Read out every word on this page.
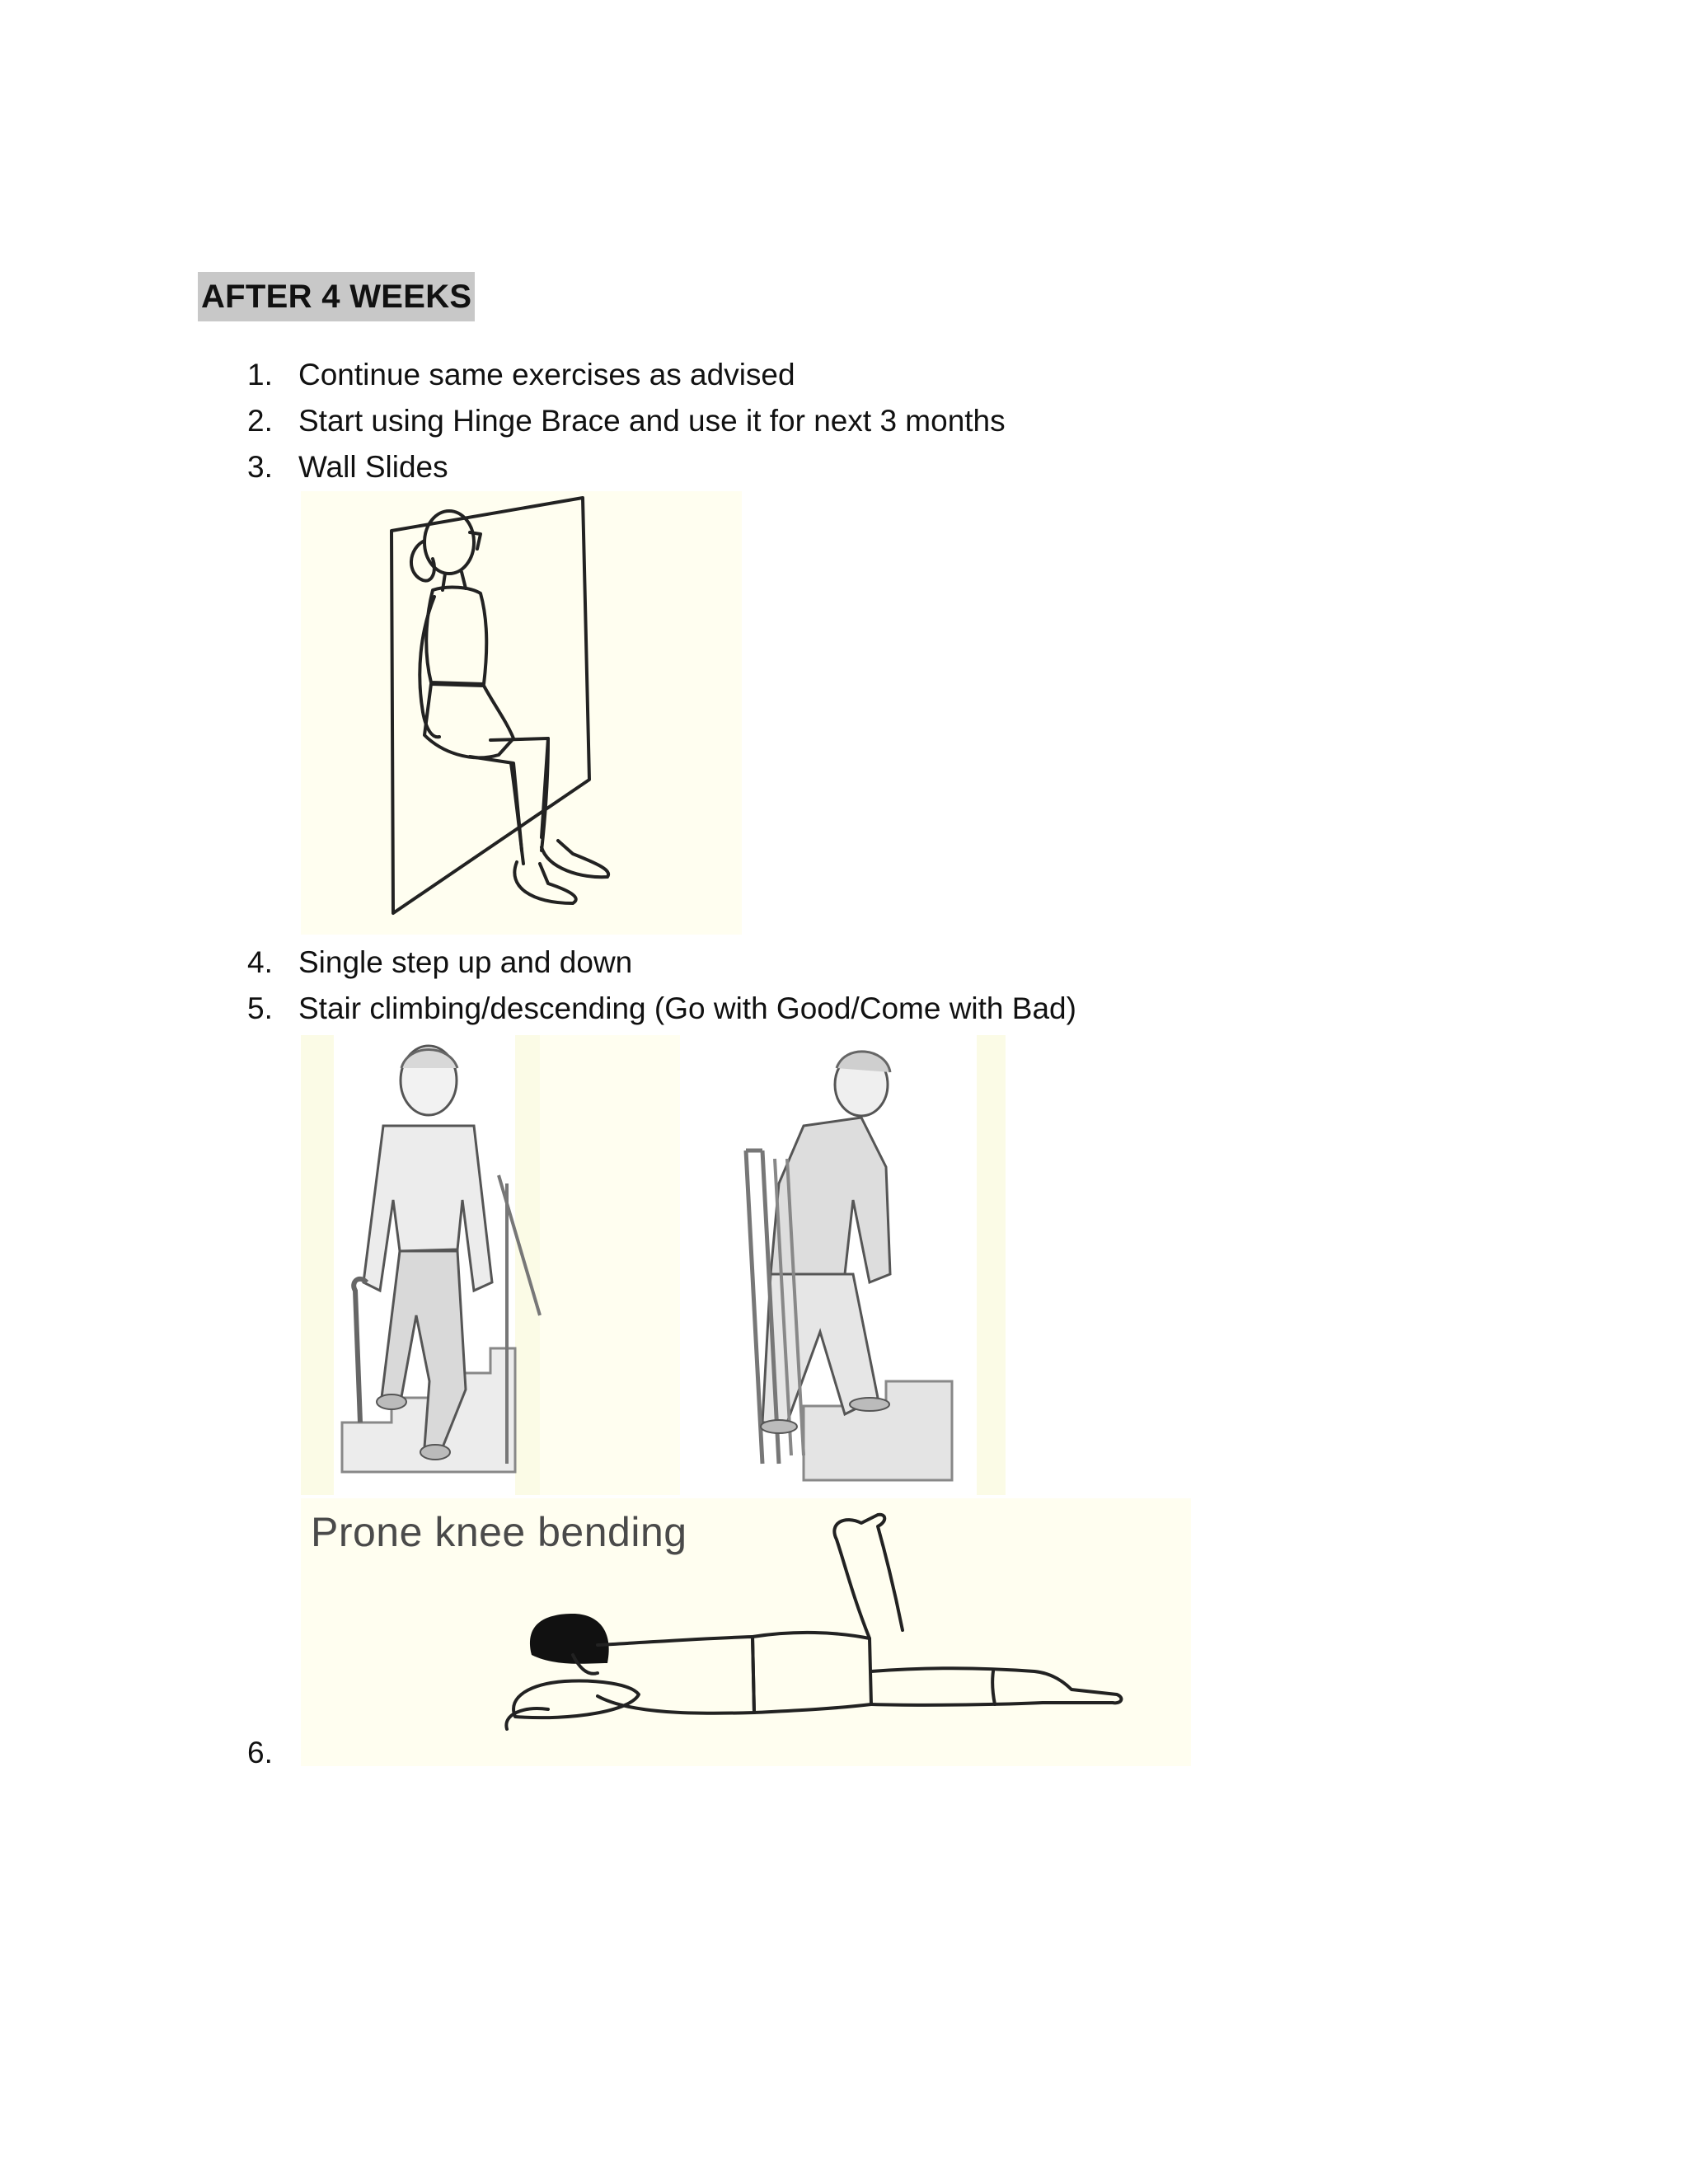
AFTER 4 WEEKS
1. Continue same exercises as advised
2. Start using Hinge Brace and use it for next 3 months
3. Wall Slides
4. Single step up and down
5. Stair climbing/descending (Go with Good/Come with Bad)
Prone knee bending
6.
